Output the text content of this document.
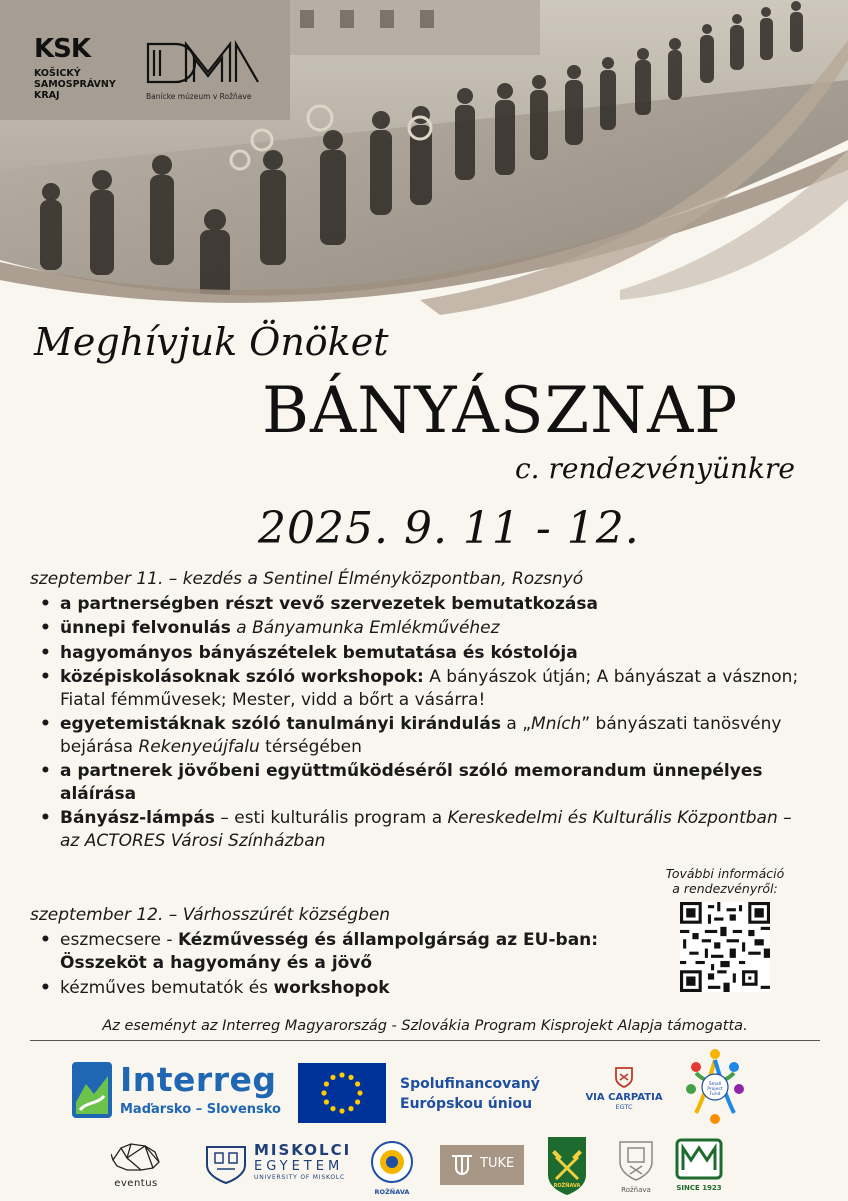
KSK
KOŠICKÝ
SAMOSPRÁVNY
KRAJ	Banícke múzeum v Rožňave
Meghívjuk Önöket
BÁNYÁSZNAP
c. rendezvényünkre
2025. 9. 11 - 12.

szeptember 11. – kezdés a Sentinel Élményközpontban, Rozsnyó

• a partnerségben részt vevő szervezetek bemutatkozása
• ünnepi felvonulás a Bányamunka Emlékművéhez
• hagyományos bányászételek bemutatása és kóstolója
• középiskolásoknak szóló workshopok: A bányászok útján; A bányászat a vásznon; Fiatal fémművesek; Mester, vidd a bőrt a vásárra!
• egyetemistáknak szóló tanulmányi kirándulás a „Mních” bányászati tanösvény bejárása Rekenyeújfalu térségében
• a partnerek jövőbeni együttműködéséről szóló memorandum ünnepélyes aláírása
• Bányász-lámpás – esti kulturális program a Kereskedelmi és Kulturális Központban – az ACTORES Városi Színházban

szeptember 12. – Várhosszúrét községben

• eszmecsere - Kézművesség és állampolgárság az EU-ban: Összeköt a hagyomány és a jövő
• kézműves bemutatók és workshopok
További információ
a rendezvényről:
Az eseményt az Interreg Magyarország - Szlovákia Program Kisprojekt Alapja támogatta.
Interreg
Maďarsko – Slovensko
Spolufinancovaný
Európskou úniou	VIA CARPATIA
EGTC
Small Project Fund
eventus
MISKOLCI
EGYETEM
UNIVERSITY OF MISKOLC
ROŽŇAVA
TUKE
ROŽŇAVA	Rožňava	SINCE 1923
